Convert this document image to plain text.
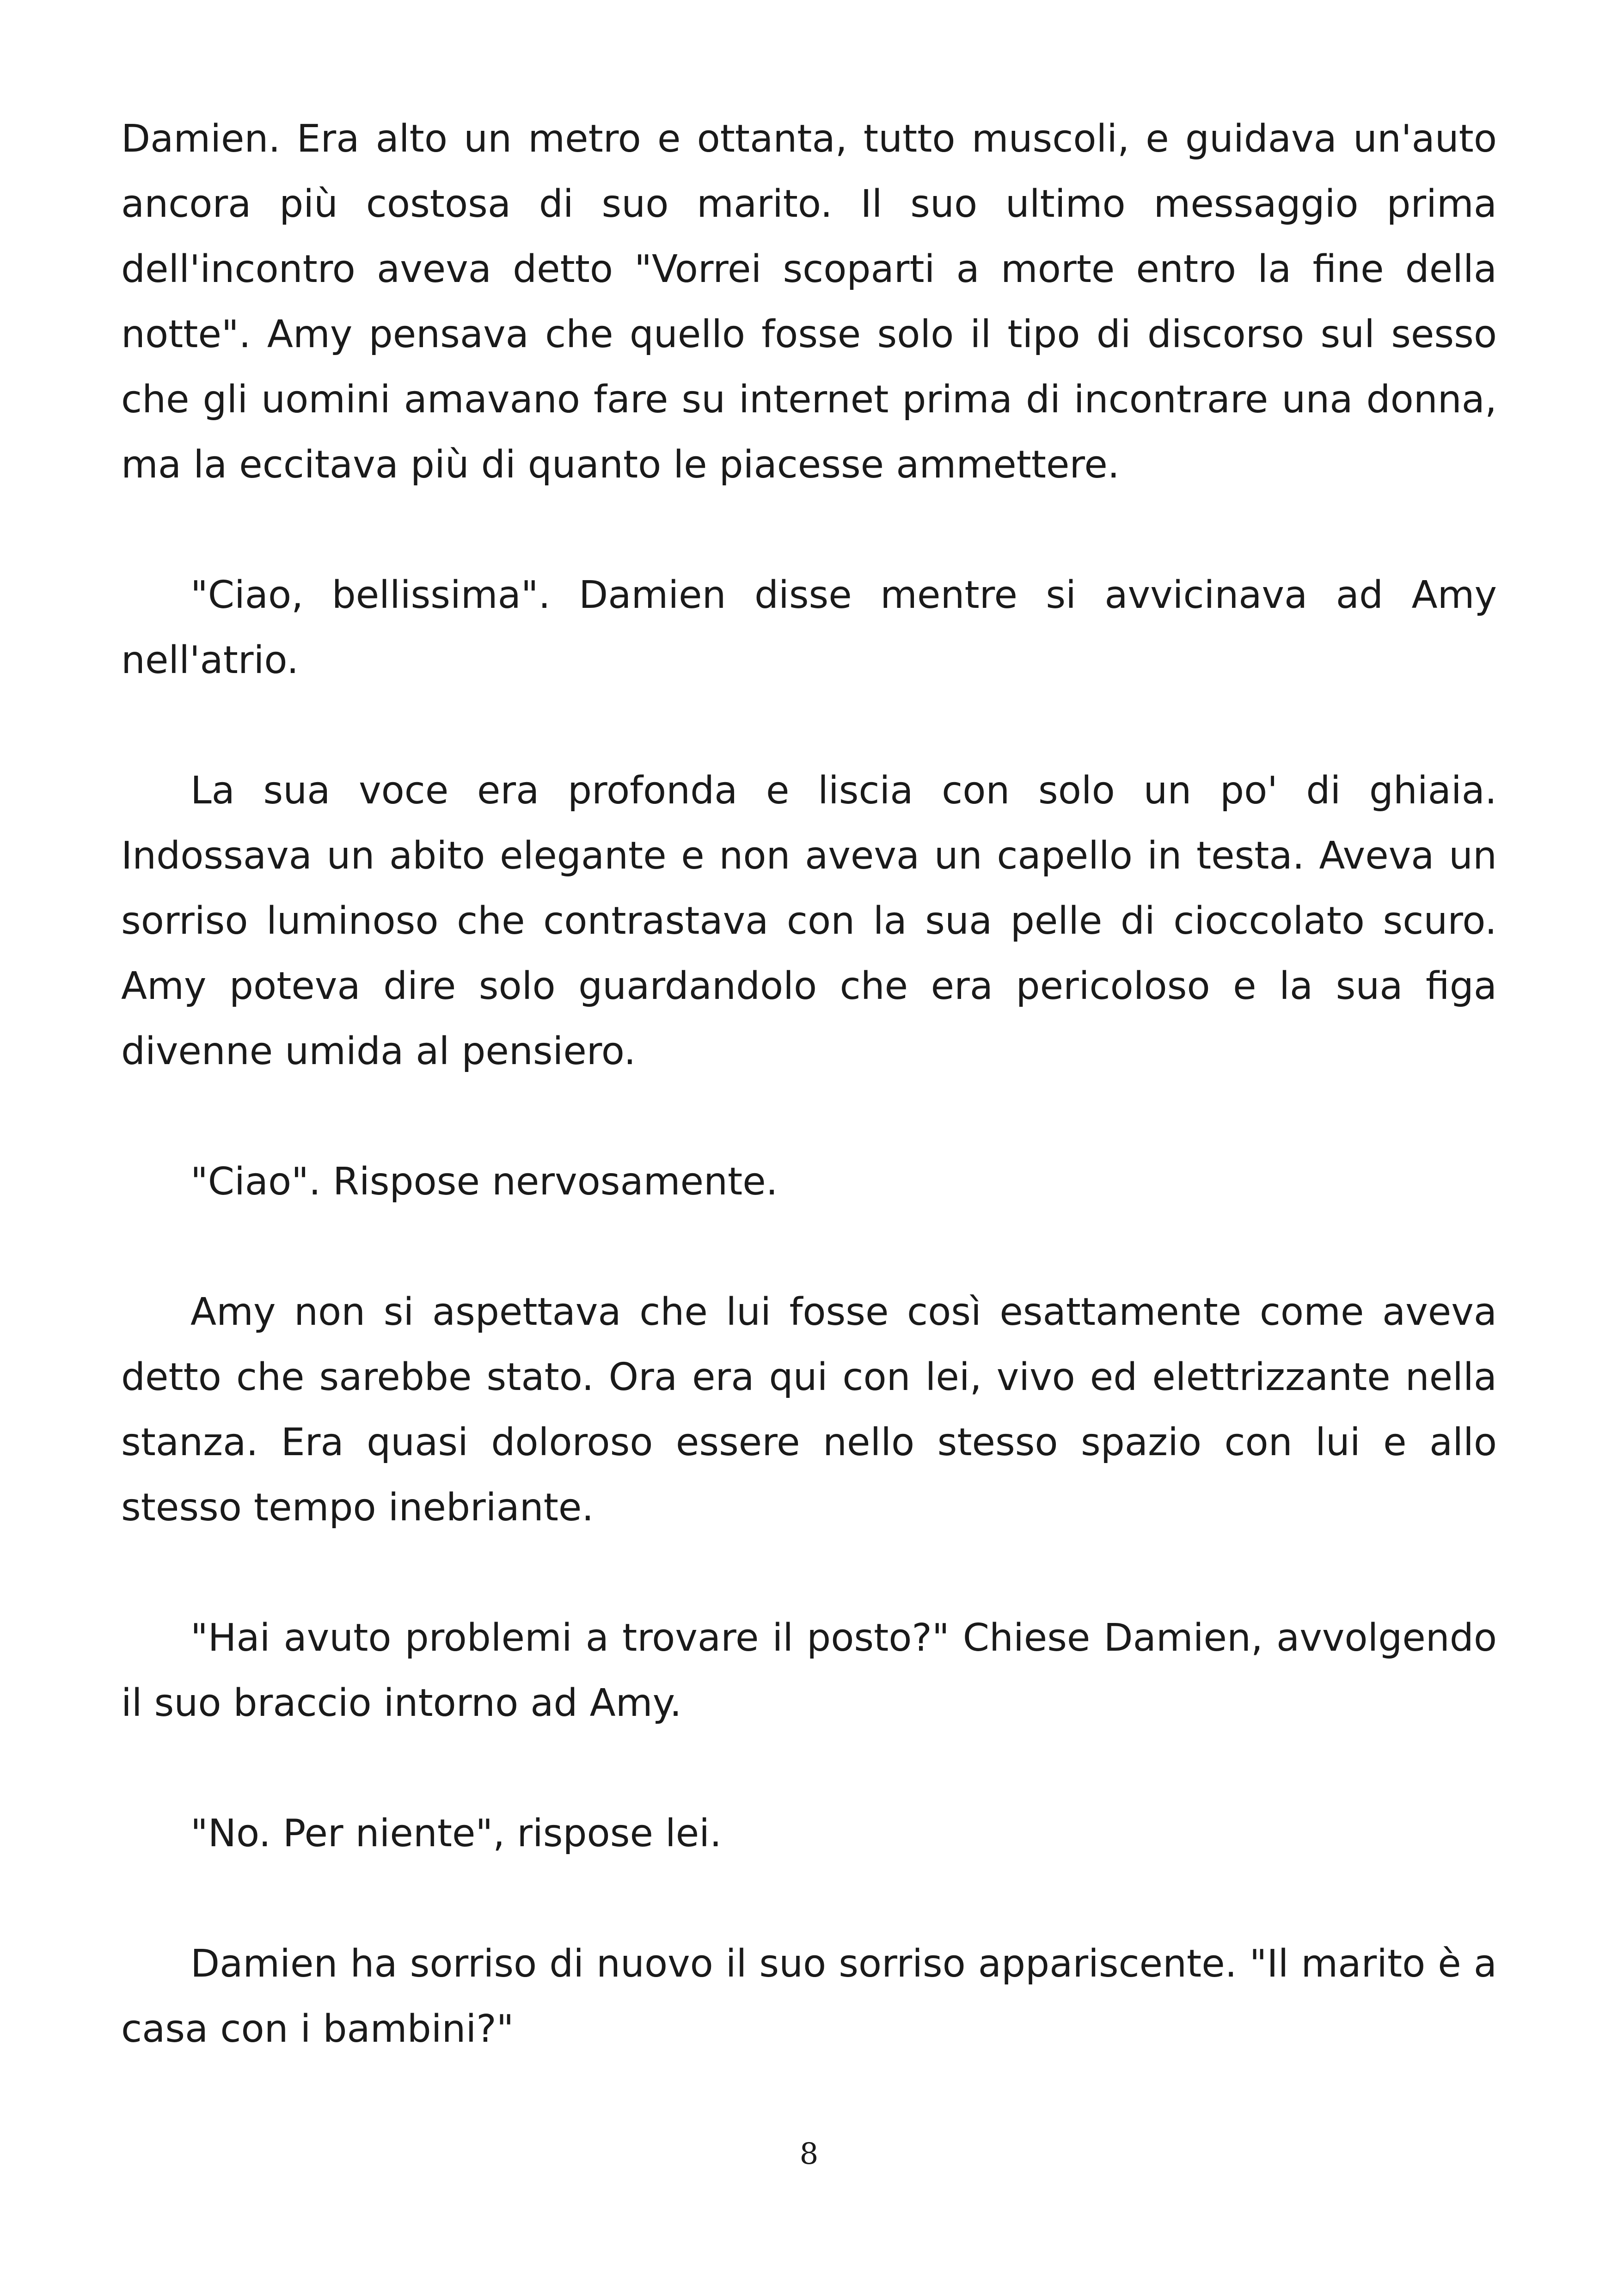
Damien. Era alto un metro e ottanta, tutto muscoli, e guidava un'auto ancora più costosa di suo marito. Il suo ultimo messaggio prima dell'incontro aveva detto "Vorrei scoparti a morte entro la fine della notte". Amy pensava che quello fosse solo il tipo di discorso sul sesso che gli uomini amavano fare su internet prima di incontrare una donna, ma la eccitava più di quanto le piacesse ammettere.

"Ciao, bellissima". Damien disse mentre si avvicinava ad Amy nell'atrio.

La sua voce era profonda e liscia con solo un po' di ghiaia. Indossava un abito elegante e non aveva un capello in testa. Aveva un sorriso luminoso che contrastava con la sua pelle di cioccolato scuro. Amy poteva dire solo guardandolo che era pericoloso e la sua figa divenne umida al pensiero.

"Ciao". Rispose nervosamente.

Amy non si aspettava che lui fosse così esattamente come aveva detto che sarebbe stato. Ora era qui con lei, vivo ed elettrizzante nella stanza. Era quasi doloroso essere nello stesso spazio con lui e allo stesso tempo inebriante.

"Hai avuto problemi a trovare il posto?" Chiese Damien, avvolgendo il suo braccio intorno ad Amy.

"No. Per niente", rispose lei.

Damien ha sorriso di nuovo il suo sorriso appariscente. "Il marito è a casa con i bambini?"

8
